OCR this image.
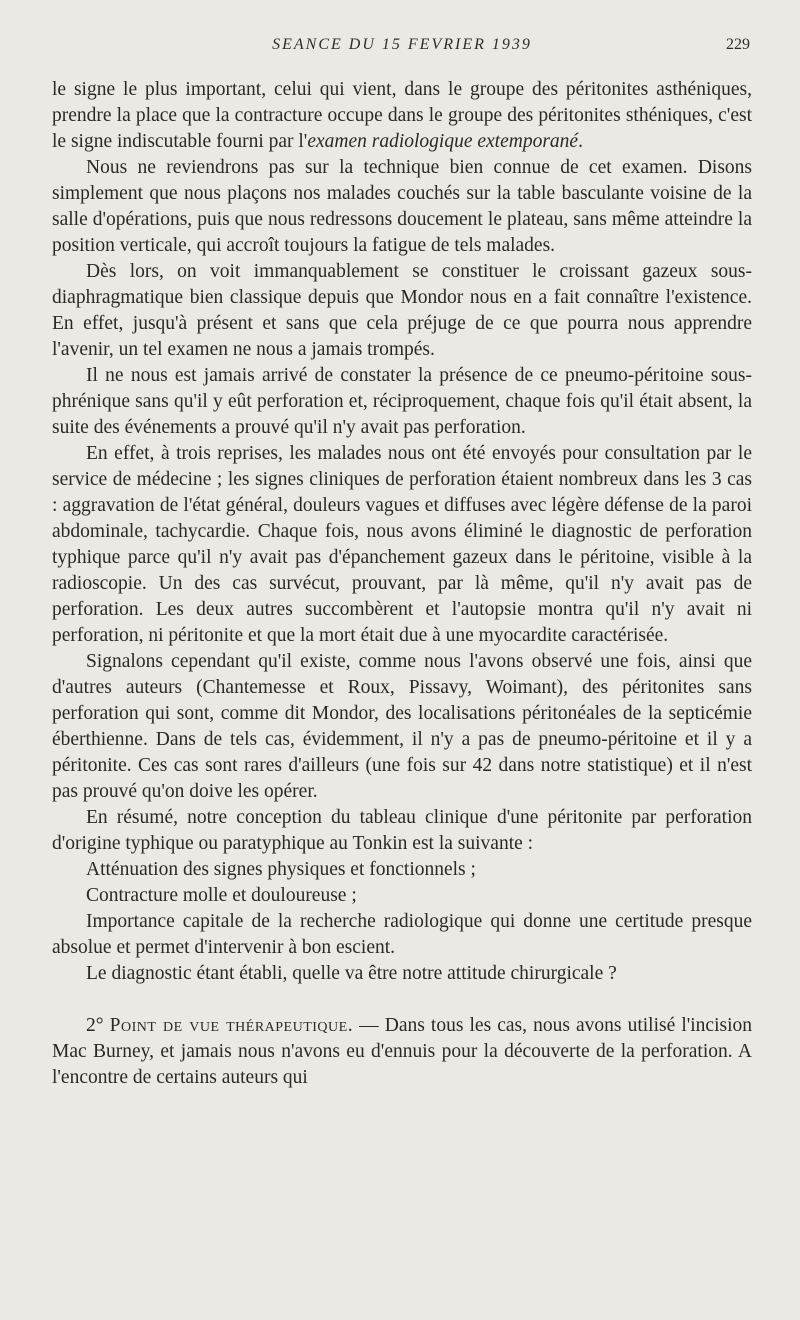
SEANCE DU 15 FEVRIER 1939	229

le signe le plus important, celui qui vient, dans le groupe des péritonites asthéniques, prendre la place que la contracture occupe dans le groupe des péritonites sthéniques, c'est le signe indiscutable fourni par l'examen radiologique extemporané.

Nous ne reviendrons pas sur la technique bien connue de cet examen. Disons simplement que nous plaçons nos malades couchés sur la table basculante voisine de la salle d'opérations, puis que nous redressons doucement le plateau, sans même atteindre la position verticale, qui accroît toujours la fatigue de tels malades.

Dès lors, on voit immanquablement se constituer le croissant gazeux sous-diaphragmatique bien classique depuis que Mondor nous en a fait connaître l'existence. En effet, jusqu'à présent et sans que cela préjuge de ce que pourra nous apprendre l'avenir, un tel examen ne nous a jamais trompés.

Il ne nous est jamais arrivé de constater la présence de ce pneumo-péritoine sous-phrénique sans qu'il y eût perforation et, réciproquement, chaque fois qu'il était absent, la suite des événements a prouvé qu'il n'y avait pas perforation.

En effet, à trois reprises, les malades nous ont été envoyés pour consultation par le service de médecine ; les signes cliniques de perforation étaient nombreux dans les 3 cas : aggravation de l'état général, douleurs vagues et diffuses avec légère défense de la paroi abdominale, tachycardie. Chaque fois, nous avons éliminé le diagnostic de perforation typhique parce qu'il n'y avait pas d'épanchement gazeux dans le péritoine, visible à la radioscopie. Un des cas survécut, prouvant, par là même, qu'il n'y avait pas de perforation. Les deux autres succombèrent et l'autopsie montra qu'il n'y avait ni perforation, ni péritonite et que la mort était due à une myocardite caractérisée.

Signalons cependant qu'il existe, comme nous l'avons observé une fois, ainsi que d'autres auteurs (Chantemesse et Roux, Pissavy, Woimant), des péritonites sans perforation qui sont, comme dit Mondor, des localisations péritonéales de la septicémie éberthienne. Dans de tels cas, évidemment, il n'y a pas de pneumo-péritoine et il y a péritonite. Ces cas sont rares d'ailleurs (une fois sur 42 dans notre statistique) et il n'est pas prouvé qu'on doive les opérer.

En résumé, notre conception du tableau clinique d'une péritonite par perforation d'origine typhique ou paratyphique au Tonkin est la suivante :

Atténuation des signes physiques et fonctionnels ;

Contracture molle et douloureuse ;

Importance capitale de la recherche radiologique qui donne une certitude presque absolue et permet d'intervenir à bon escient.

Le diagnostic étant établi, quelle va être notre attitude chirurgicale ?

2° Point de vue thérapeutique. — Dans tous les cas, nous avons utilisé l'incision Mac Burney, et jamais nous n'avons eu d'ennuis pour la découverte de la perforation. A l'encontre de certains auteurs qui
